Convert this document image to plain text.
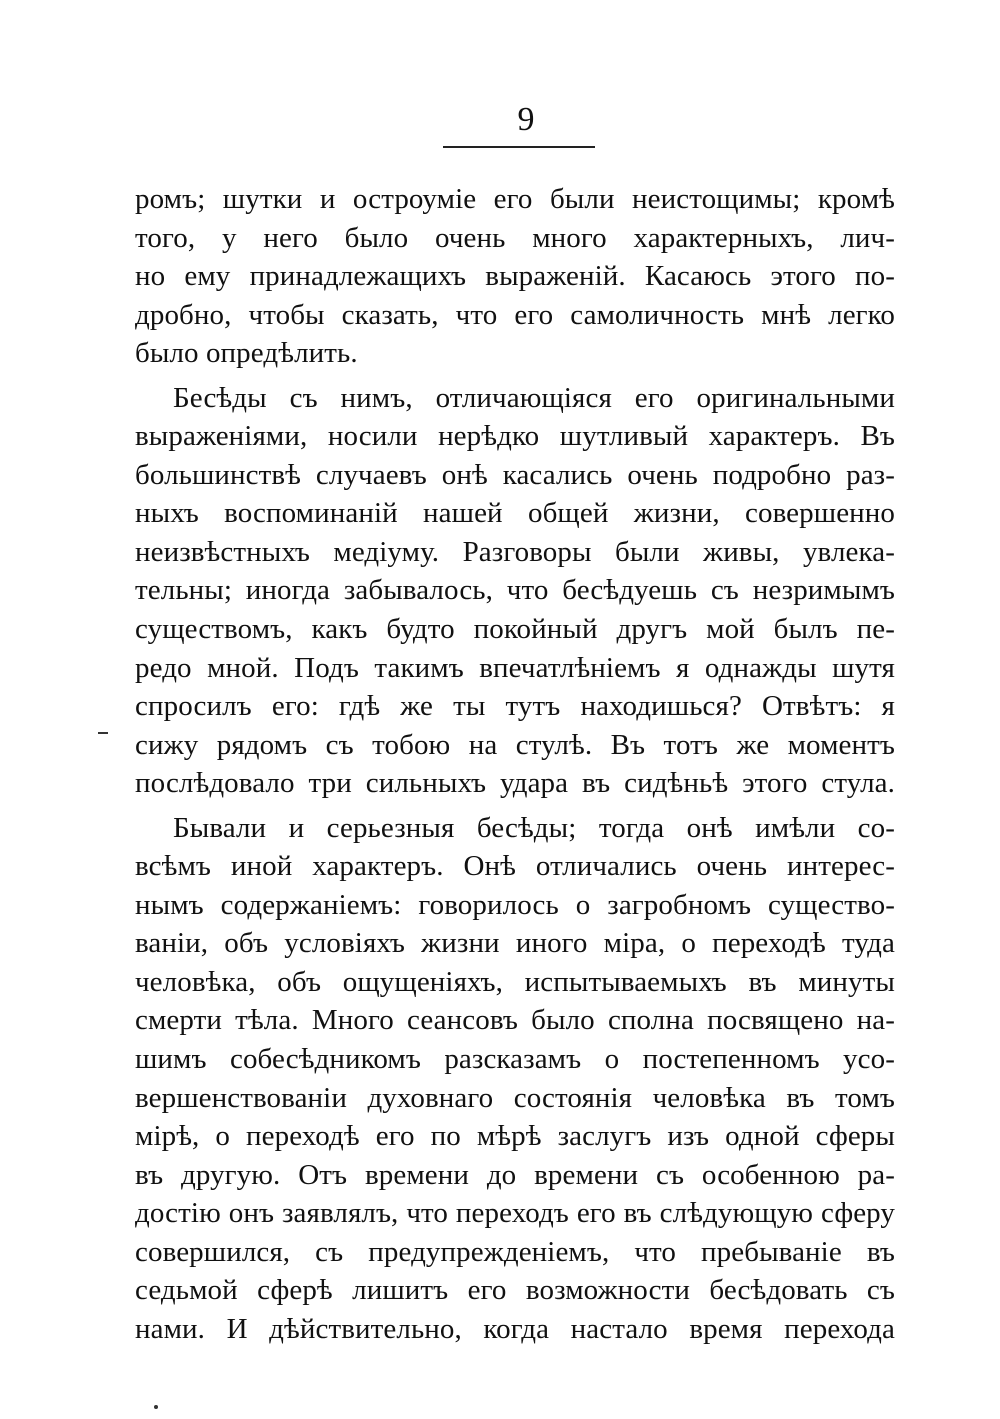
9
ромъ; шутки и остроуміе его были неистощимы; кромѣ
того, у него было очень много характерныхъ, лич-
но ему принадлежащихъ выраженій. Касаюсь этого по-
дробно, чтобы сказать, что его самоличность мнѣ легко
было опредѣлить.
Бесѣды съ нимъ, отличающіяся его оригинальными
выраженіями, носили нерѣдко шутливый характеръ. Въ
большинствѣ случаевъ онѣ касались очень подробно раз-
ныхъ воспоминаній нашей общей жизни, совершенно
неизвѣстныхъ медіуму. Разговоры были живы, увлека-
тельны; иногда забывалось, что бесѣдуешь съ незримымъ
существомъ, какъ будто покойный другъ мой былъ пе-
редо мной. Подъ такимъ впечатлѣніемъ я однажды шутя
спросилъ его: гдѣ же ты тутъ находишься? Отвѣтъ: я
сижу рядомъ съ тобою на стулѣ. Въ тотъ же моментъ
послѣдовало три сильныхъ удара въ сидѣньѣ этого стула.
Бывали и серьезныя бесѣды; тогда онѣ имѣли со-
всѣмъ иной характеръ. Онѣ отличались очень интерес-
нымъ содержаніемъ: говорилось о загробномъ существо-
ваніи, объ условіяхъ жизни иного міра, о переходѣ туда
человѣка, объ ощущеніяхъ, испытываемыхъ въ минуты
смерти тѣла. Много сеансовъ было сполна посвящено на-
шимъ собесѣдникомъ разсказамъ о постепенномъ усо-
вершенствованіи духовнаго состоянія человѣка въ томъ
мірѣ, о переходѣ его по мѣрѣ заслугъ изъ одной сферы
въ другую. Отъ времени до времени съ особенною ра-
достію онъ заявлялъ, что переходъ его въ слѣдующую сферу
совершился, съ предупрежденіемъ, что пребываніе въ
седьмой сферѣ лишитъ его возможности бесѣдовать съ
нами. И дѣйствительно, когда настало время перехода
